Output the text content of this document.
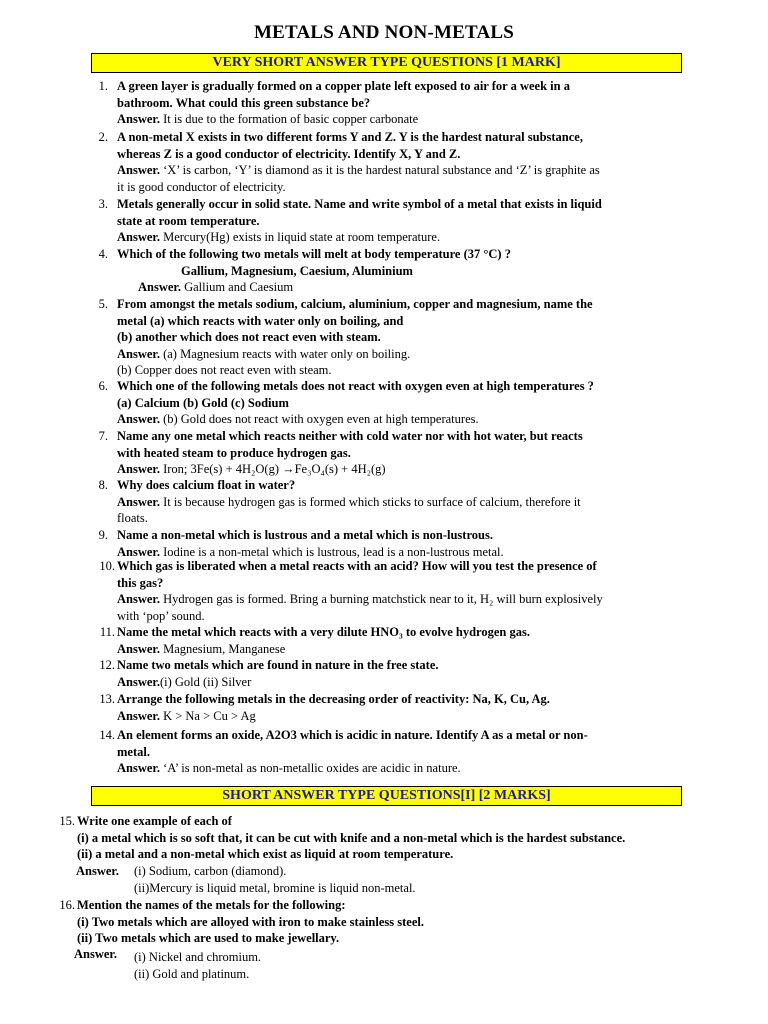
METALS AND NON-METALS
VERY SHORT ANSWER TYPE QUESTIONS [1 MARK]
SHORT ANSWER TYPE QUESTIONS[I] [2 MARKS]
1. A green layer is gradually formed on a copper plate left exposed to air for a week in a
bathroom. What could this green substance be?
Answer. It is due to the formation of basic copper carbonate
2. A non-metal X exists in two different forms Y and Z. Y is the hardest natural substance,
whereas Z is a good conductor of electricity. Identify X, Y and Z.
Answer. ‘X’ is carbon, ‘Y’ is diamond as it is the hardest natural substance and ‘Z’ is graphite as
it is good conductor of electricity.
3. Metals generally occur in solid state. Name and write symbol of a metal that exists in liquid
state at room temperature.
Answer. Mercury(Hg) exists in liquid state at room temperature.
4. Which of the following two metals will melt at body temperature (37 °C) ?
Gallium, Magnesium, Caesium, Aluminium
Answer. Gallium and Caesium
5. From amongst the metals sodium, calcium, aluminium, copper and magnesium, name the
metal (a) which reacts with water only on boiling, and
(b) another which does not react even with steam.
Answer. (a) Magnesium reacts with water only on boiling.
(b) Copper does not react even with steam.
6. Which one of the following metals does not react with oxygen even at high temperatures ?
(a) Calcium (b) Gold (c) Sodium
Answer. (b) Gold does not react with oxygen even at high temperatures.
7. Name any one metal which reacts neither with cold water nor with hot water, but reacts
with heated steam to produce hydrogen gas.
Answer. Iron; 3Fe(s) + 4H₂O(g) →Fe₃O₄(s) + 4H₂(g)
8. Why does calcium float in water?
Answer. It is because hydrogen gas is formed which sticks to surface of calcium, therefore it
floats.
9. Name a non-metal which is lustrous and a metal which is non-lustrous.
Answer. Iodine is a non-metal which is lustrous, lead is a non-lustrous metal.
10. Which gas is liberated when a metal reacts with an acid? How will you test the presence of
this gas?
Answer. Hydrogen gas is formed. Bring a burning matchstick near to it, H₂ will burn explosively
with ‘pop’ sound.
11. Name the metal which reacts with a very dilute HNO₃ to evolve hydrogen gas.
Answer. Magnesium, Manganese
12. Name two metals which are found in nature in the free state.
Answer.(i) Gold (ii) Silver
13. Arrange the following metals in the decreasing order of reactivity: Na, K, Cu, Ag.
Answer. K > Na > Cu > Ag
14. An element forms an oxide, A2O3 which is acidic in nature. Identify A as a metal or non-
metal.
Answer. ‘A’ is non-metal as non-metallic oxides are acidic in nature.
15. Write one example of each of
(i) a metal which is so soft that, it can be cut with knife and a non-metal which is the hardest substance.
(ii) a metal and a non-metal which exist as liquid at room temperature.
Answer. (i) Sodium, carbon (diamond).
(ii)Mercury is liquid metal, bromine is liquid non-metal.
16. Mention the names of the metals for the following:
(i) Two metals which are alloyed with iron to make stainless steel.
(ii) Two metals which are used to make jewellary.
Answer. (i) Nickel and chromium.
(ii) Gold and platinum.
